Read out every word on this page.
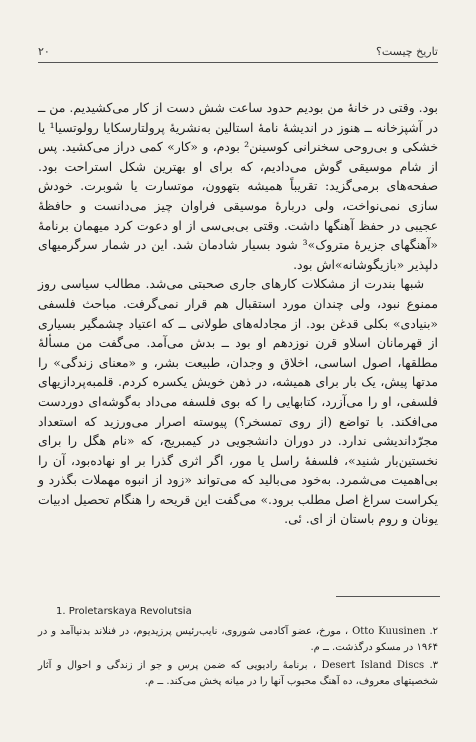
۲۰	تاریخ چیست؟

بود. وقتی در خانهٔ من بودیم حدود ساعت شش دست از کار می‌کشیدیم. من ــ در آشپزخانه ــ هنوز در اندیشهٔ نامهٔ استالین به‌نشریهٔ پرولتارسکایا رولوتسیا¹ یا خشکی و بی‌روحی سخنرانی کوسینن² بودم، و «کار» کمی دراز می‌کشید. پس از شام موسیقی گوش می‌دادیم، که برای او بهترین شکل استراحت بود. صفحه‌های برمی‌گزید: تقریباً همیشه بتهوون، موتسارت یا شوبرت. خودش سازی نمی‌نواخت، ولی دربارهٔ موسیقی فراوان چیز می‌دانست و حافظهٔ عجیبی در حفظ آهنگها داشت. وقتی بی‌بی‌سی از او دعوت کرد میهمان برنامهٔ «آهنگهای جزیرهٔ متروک»³ شود بسیار شادمان شد. این در شمار سرگرمیهای دلپذیر «بازیگوشانه»اش بود.

شبها بندرت از مشکلات کارهای جاری صحبتی می‌شد. مطالب سیاسی روز ممنوع نبود، ولی چندان مورد استقبال هم قرار نمی‌گرفت. مباحث فلسفی «بنیادی» بکلی قدغن بود. از مجادله‌های طولانی ــ که اعتیاد چشمگیر بسیاری از قهرمانان اسلاو قرن نوزدهم او بود ــ بدش می‌آمد. می‌گفت من مسألهٔ مطلقها، اصول اساسی، اخلاق و وجدان، طبیعت بشر، و «معنای زندگی» را مدتها پیش، یک بار برای همیشه، در ذهن خویش یکسره کردم. قلمبه‌پردازیهای فلسفی، او را می‌آزرد، کتابهایی را که بوی فلسفه می‌داد به‌گوشه‌ای دوردست می‌افکند. با تواضع (از روی تمسخر؟) پیوسته اصرار می‌ورزید که استعداد مجرّداندیشی ندارد. در دوران دانشجویی در کیمبریج، که «نام هگل را برای نخستین‌بار شنید»، فلسفهٔ راسل یا مور، اگر اثری گذرا بر او نهاده‌بود، آن را بی‌اهمیت می‌شمرد. به‌خود می‌بالید که می‌تواند «زود از انبوه مهملات بگذرد و یکراست سراغ اصل مطلب برود.» می‌گفت این قریحه را هنگام تحصیل ادبیات یونان و روم باستان از ای. ئی.

1. Proletarskaya Revolutsia

۲. Otto Kuusinen ، مورخ، عضو آکادمی شوروی، نایب‌رئیس پرزیدیوم، در فنلاند بدنیاآمد و در ۱۹۶۴ در مسکو درگذشت. ــ م.

۳. Desert Island Discs ، برنامهٔ رادیویی که ضمن پرس و جو از زندگی و احوال و آثار شخصیتهای معروف، ده آهنگ محبوب آنها را در میانه پخش می‌کند. ــ م.
